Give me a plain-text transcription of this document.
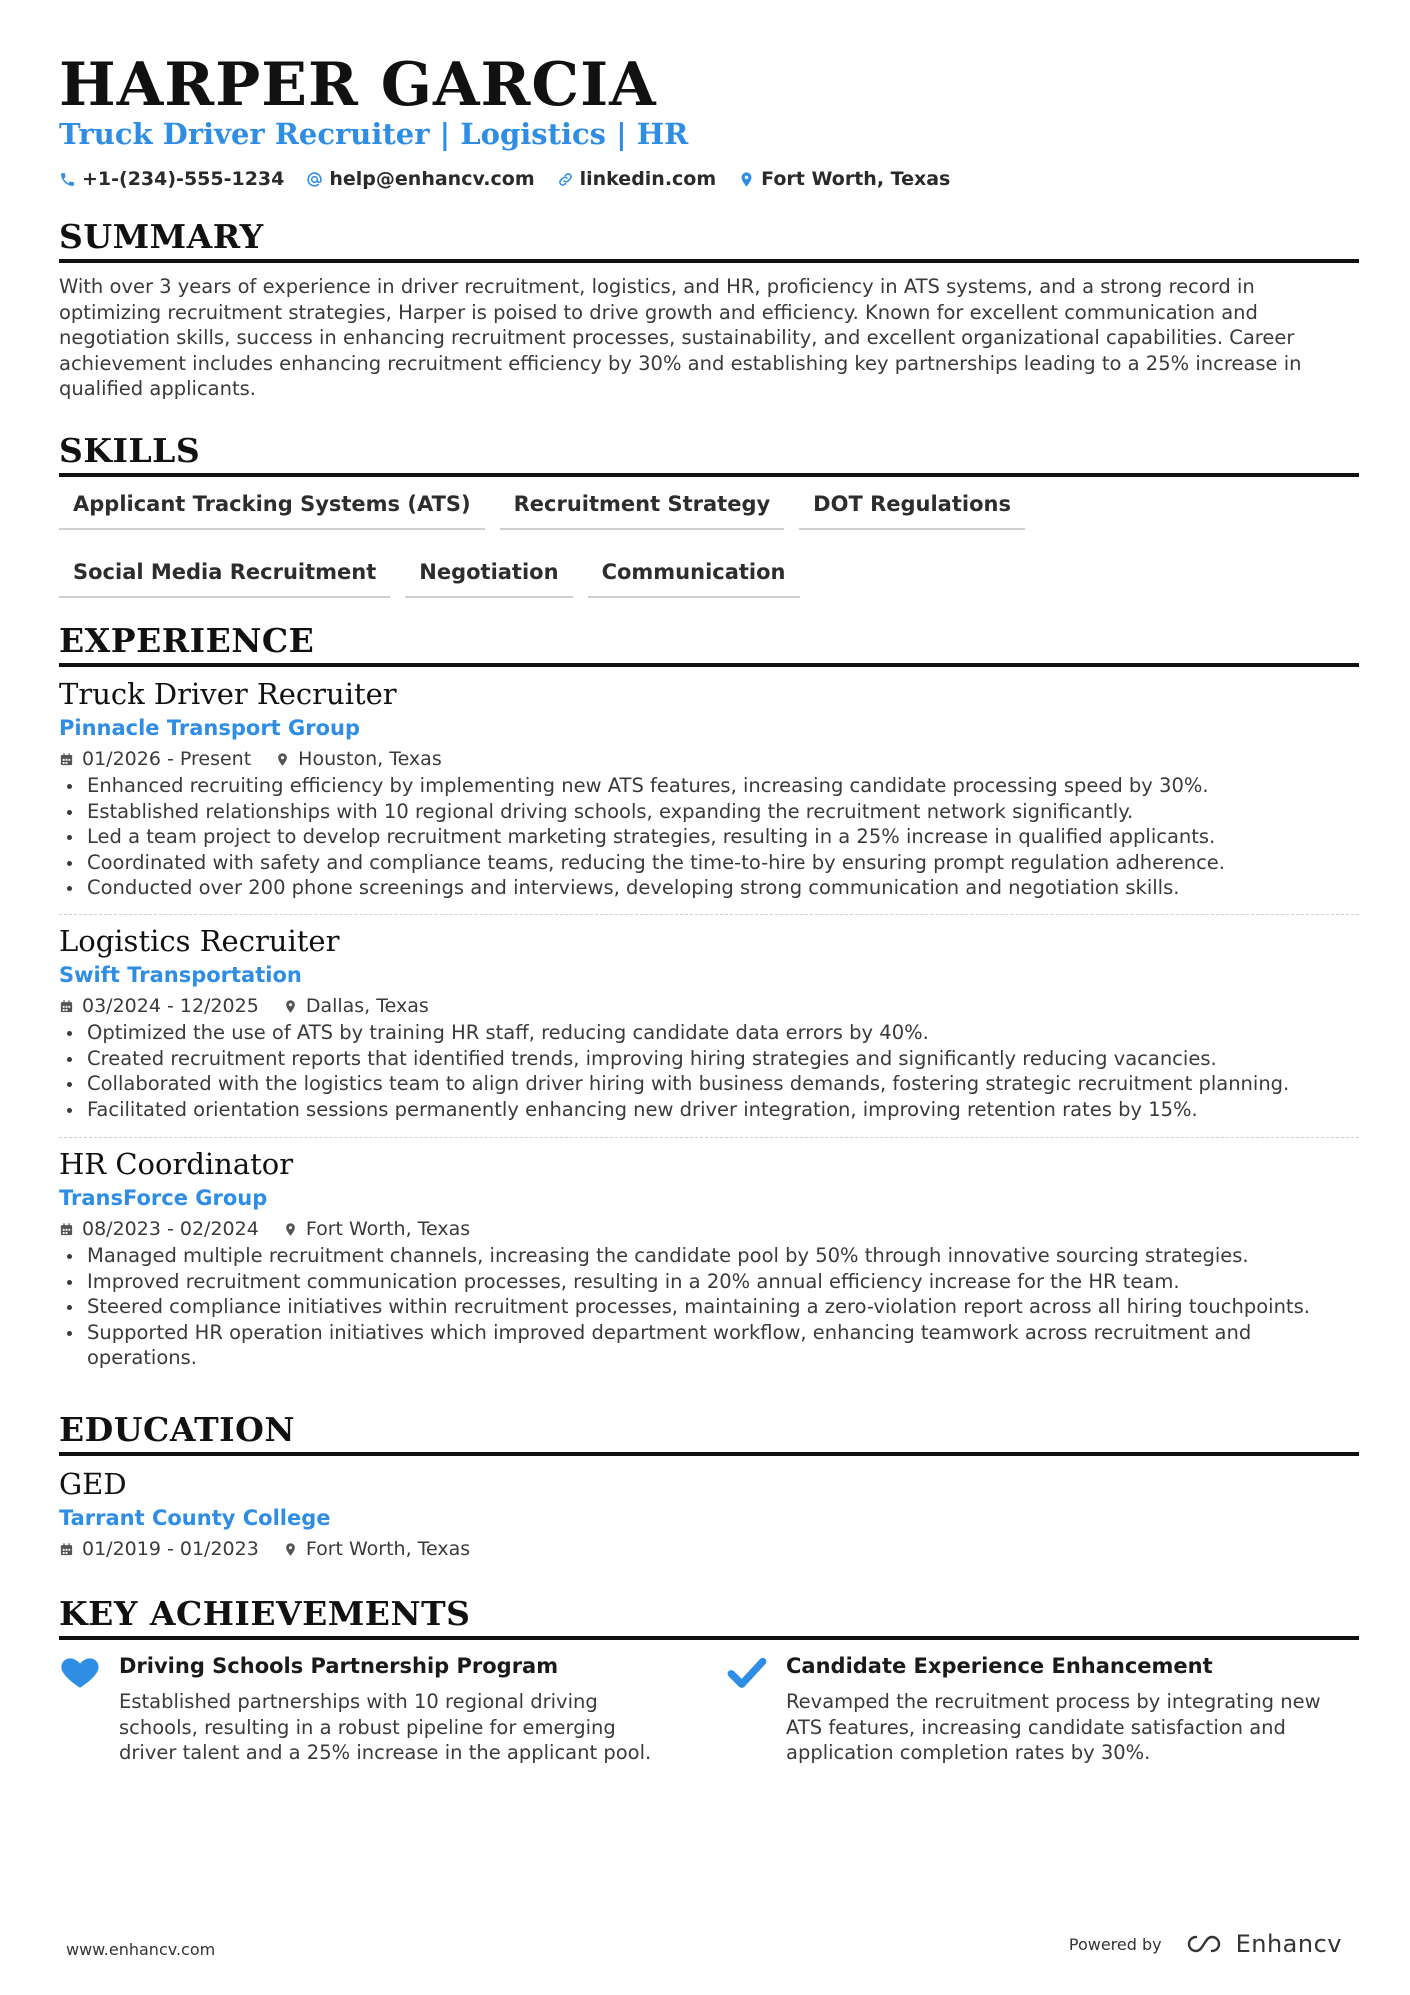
HARPER GARCIA
Truck Driver Recruiter | Logistics | HR
+1-(234)-555-1234 help@enhancv.com linkedin.com Fort Worth, Texas
SUMMARY

With over 3 years of experience in driver recruitment, logistics, and HR, proficiency in ATS systems, and a strong record in optimizing recruitment strategies, Harper is poised to drive growth and efficiency. Known for excellent communication and negotiation skills, success in enhancing recruitment processes, sustainability, and excellent organizational capabilities. Career achievement includes enhancing recruitment efficiency by 30% and establishing key partnerships leading to a 25% increase in qualified applicants.

SKILLS
Applicant Tracking Systems (ATS)	Recruitment Strategy	DOT Regulations
Social Media Recruitment	Negotiation	Communication
EXPERIENCE
Truck Driver Recruiter
Pinnacle Transport Group
01/2026 - Present Houston, Texas
Enhanced recruiting efficiency by implementing new ATS features, increasing candidate processing speed by 30%.
Established relationships with 10 regional driving schools, expanding the recruitment network significantly.
Led a team project to develop recruitment marketing strategies, resulting in a 25% increase in qualified applicants.
Coordinated with safety and compliance teams, reducing the time-to-hire by ensuring prompt regulation adherence.
Conducted over 200 phone screenings and interviews, developing strong communication and negotiation skills.
Logistics Recruiter
Swift Transportation
03/2024 - 12/2025 Dallas, Texas
Optimized the use of ATS by training HR staff, reducing candidate data errors by 40%.
Created recruitment reports that identified trends, improving hiring strategies and significantly reducing vacancies.
Collaborated with the logistics team to align driver hiring with business demands, fostering strategic recruitment planning.
Facilitated orientation sessions permanently enhancing new driver integration, improving retention rates by 15%.
HR Coordinator
TransForce Group
08/2023 - 02/2024 Fort Worth, Texas
Managed multiple recruitment channels, increasing the candidate pool by 50% through innovative sourcing strategies.
Improved recruitment communication processes, resulting in a 20% annual efficiency increase for the HR team.
Steered compliance initiatives within recruitment processes, maintaining a zero-violation report across all hiring touchpoints.
Supported HR operation initiatives which improved department workflow, enhancing teamwork across recruitment and operations.
EDUCATION
GED
Tarrant County College
01/2019 - 01/2023 Fort Worth, Texas
KEY ACHIEVEMENTS
Driving Schools Partnership Program

Established partnerships with 10 regional driving schools, resulting in a robust pipeline for emerging driver talent and a 25% increase in the applicant pool.

Candidate Experience Enhancement

Revamped the recruitment process by integrating new ATS features, increasing candidate satisfaction and application completion rates by 30%.

www.enhancv.com	Powered by	Enhancv
